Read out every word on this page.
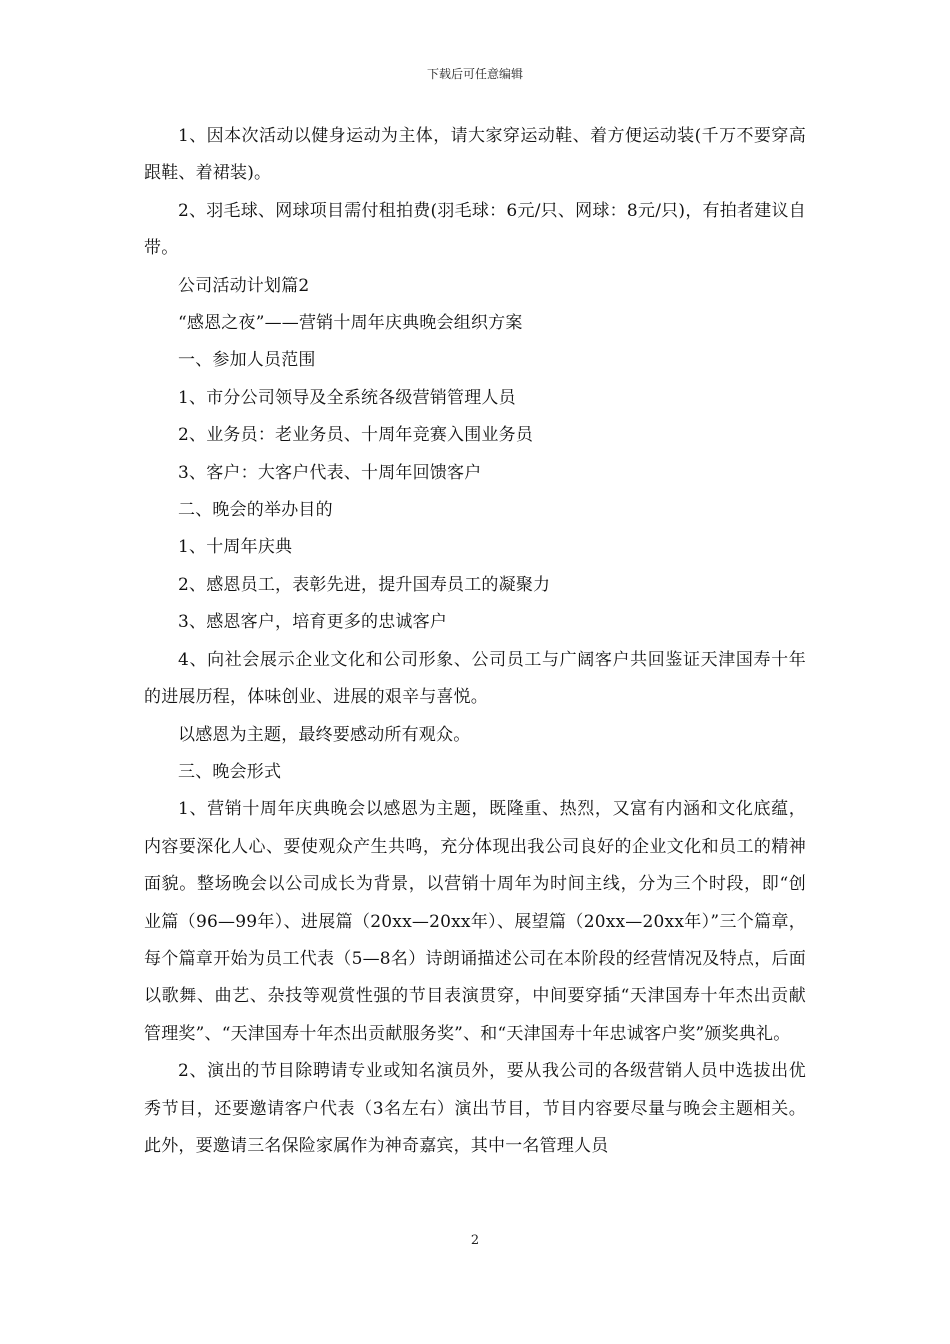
下载后可任意编辑

1、因本次活动以健身运动为主体，请大家穿运动鞋、着方便运动装(千万不要穿高跟鞋、着裙装)。

2、羽毛球、网球项目需付租拍费(羽毛球：6元/只、网球：8元/只)，有拍者建议自带。

公司活动计划篇2

“感恩之夜”——营销十周年庆典晚会组织方案

一、参加人员范围

1、市分公司领导及全系统各级营销管理人员

2、业务员：老业务员、十周年竞赛入围业务员

3、客户：大客户代表、十周年回馈客户

二、晚会的举办目的

1、十周年庆典

2、感恩员工，表彰先进，提升国寿员工的凝聚力

3、感恩客户，培育更多的忠诚客户

4、向社会展示企业文化和公司形象、公司员工与广阔客户共回鉴证天津国寿十年的进展历程，体味创业、进展的艰辛与喜悦。

以感恩为主题，最终要感动所有观众。

三、晚会形式

1、营销十周年庆典晚会以感恩为主题，既隆重、热烈，又富有内涵和文化底蕴，内容要深化人心、要使观众产生共鸣，充分体现出我公司良好的企业文化和员工的精神面貌。整场晚会以公司成长为背景，以营销十周年为时间主线，分为三个时段，即“创业篇（96—99年）、进展篇（20xx—20xx年）、展望篇（20xx—20xx年）”三个篇章，每个篇章开始为员工代表（5—8名）诗朗诵描述公司在本阶段的经营情况及特点，后面以歌舞、曲艺、杂技等观赏性强的节目表演贯穿，中间要穿插“天津国寿十年杰出贡献管理奖”、“天津国寿十年杰出贡献服务奖”、和“天津国寿十年忠诚客户奖”颁奖典礼。

2、演出的节目除聘请专业或知名演员外，要从我公司的各级营销人员中选拔出优秀节目，还要邀请客户代表（3名左右）演出节目，节目内容要尽量与晚会主题相关。此外，要邀请三名保险家属作为神奇嘉宾，其中一名管理人员

2
